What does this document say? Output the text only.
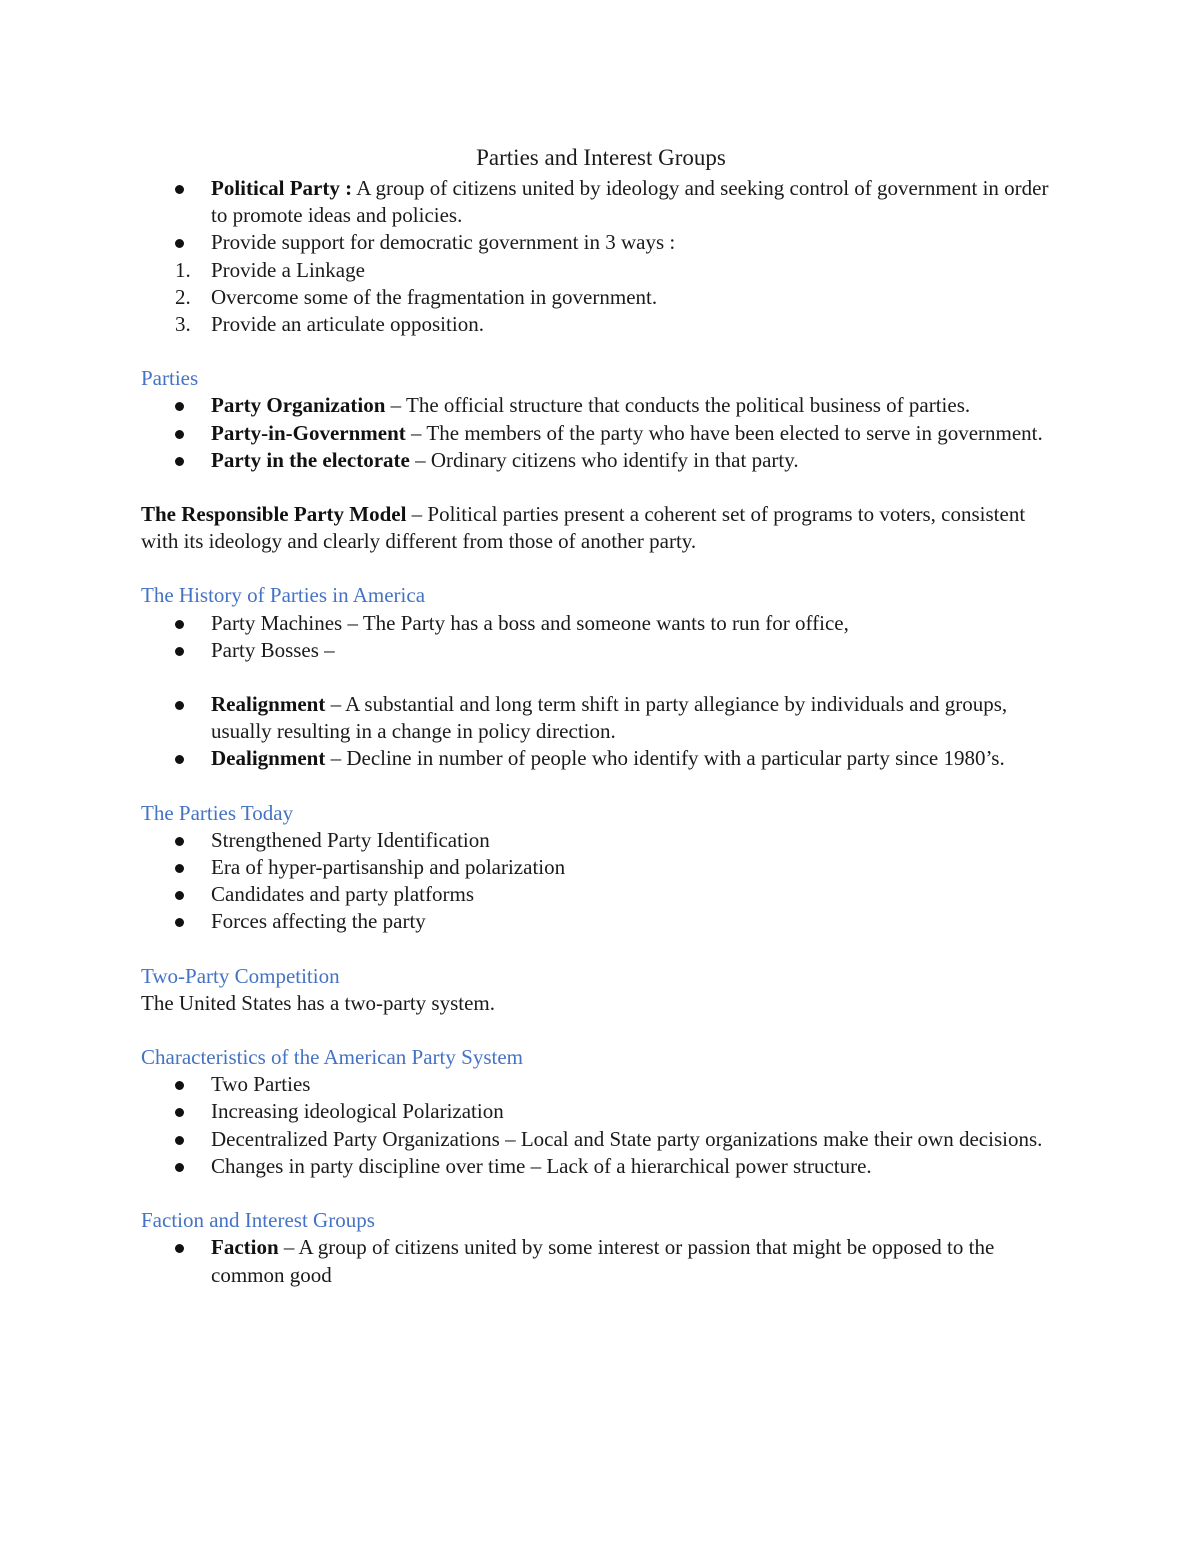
Parties and Interest Groups
Political Party : A group of citizens united by ideology and seeking control of government in order to promote ideas and policies.
Provide support for democratic government in 3 ways :
1. Provide a Linkage
2. Overcome some of the fragmentation in government.
3. Provide an articulate opposition.

Parties

Party Organization – The official structure that conducts the political business of parties.
Party-in-Government – The members of the party who have been elected to serve in government.
Party in the electorate – Ordinary citizens who identify in that party.

The Responsible Party Model – Political parties present a coherent set of programs to voters, consistent with its ideology and clearly different from those of another party.

The History of Parties in America

Party Machines – The Party has a boss and someone wants to run for office,
Party Bosses –
Realignment – A substantial and long term shift in party allegiance by individuals and groups, usually resulting in a change in policy direction.
Dealignment – Decline in number of people who identify with a particular party since 1980’s.

The Parties Today

Strengthened Party Identification
Era of hyper-partisanship and polarization
Candidates and party platforms
Forces affecting the party

Two-Party Competition

The United States has a two-party system.

Characteristics of the American Party System

Two Parties
Increasing ideological Polarization
Decentralized Party Organizations – Local and State party organizations make their own decisions.
Changes in party discipline over time – Lack of a hierarchical power structure.

Faction and Interest Groups

Faction – A group of citizens united by some interest or passion that might be opposed to the common good
